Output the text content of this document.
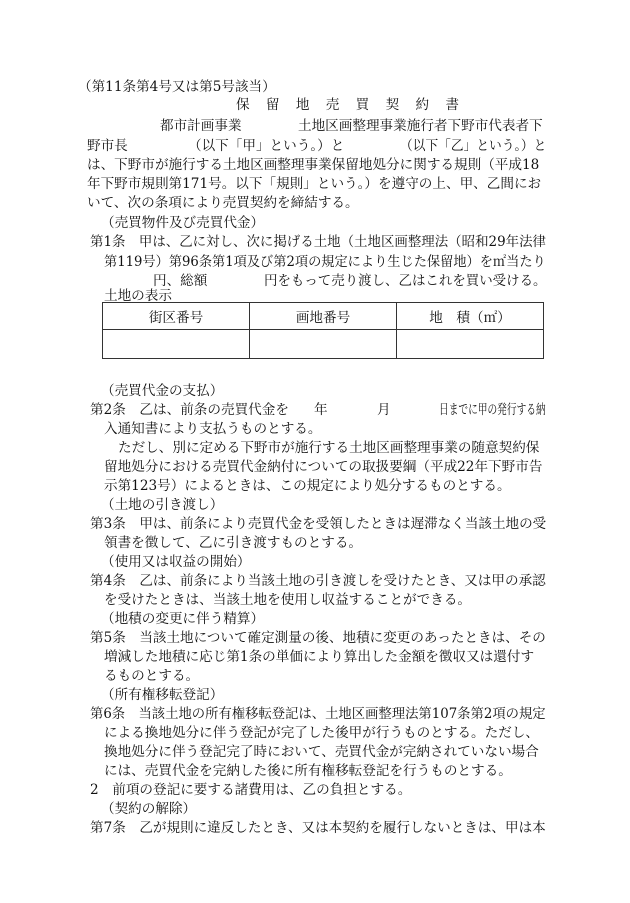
（第11条第4号又は第5号該当）
保 留 地 売 買 契 約 書
都市計画事業	土地区画整理事業施行者下野市代表者下
野市長	（以下「甲」という。）と	（以下「乙」という。）と
は、下野市が施行する土地区画整理事業保留地処分に関する規則（平成18
年下野市規則第171号。以下「規則」という。）を遵守の上、甲、乙間にお
いて、次の条項により売買契約を締結する。
（売買物件及び売買代金）
第1条　甲は、乙に対し、次に掲げる土地（土地区画整理法（昭和29年法律
第119号）第96条第1項及び第2項の規定により生じた保留地）を㎡当たり
円、総額	円をもって売り渡し、乙はこれを買い受ける。
土地の表示
街区番号	画地番号	地　積（㎡）

（売買代金の支払）
第2条　乙は、前条の売買代金を 年	月	日までに甲の発行する納
入通知書により支払うものとする。
ただし、別に定める下野市が施行する土地区画整理事業の随意契約保
留地処分における売買代金納付についての取扱要綱（平成22年下野市告
示第123号）によるときは、この規定により処分するものとする。
（土地の引き渡し）
第3条　甲は、前条により売買代金を受領したときは遅滞なく当該土地の受
領書を徴して、乙に引き渡すものとする。
（使用又は収益の開始）
第4条　乙は、前条により当該土地の引き渡しを受けたとき、又は甲の承認
を受けたときは、当該土地を使用し収益することができる。
（地積の変更に伴う精算）
第5条　当該土地について確定測量の後、地積に変更のあったときは、その
増減した地積に応じ第1条の単価により算出した金額を徴収又は還付す
るものとする。
（所有権移転登記）
第6条　当該土地の所有権移転登記は、土地区画整理法第107条第2項の規定
による換地処分に伴う登記が完了した後甲が行うものとする。ただし、
換地処分に伴う登記完了時において、売買代金が完納されていない場合
には、売買代金を完納した後に所有権移転登記を行うものとする。
2　前項の登記に要する諸費用は、乙の負担とする。
（契約の解除）
第7条　乙が規則に違反したとき、又は本契約を履行しないときは、甲は本
